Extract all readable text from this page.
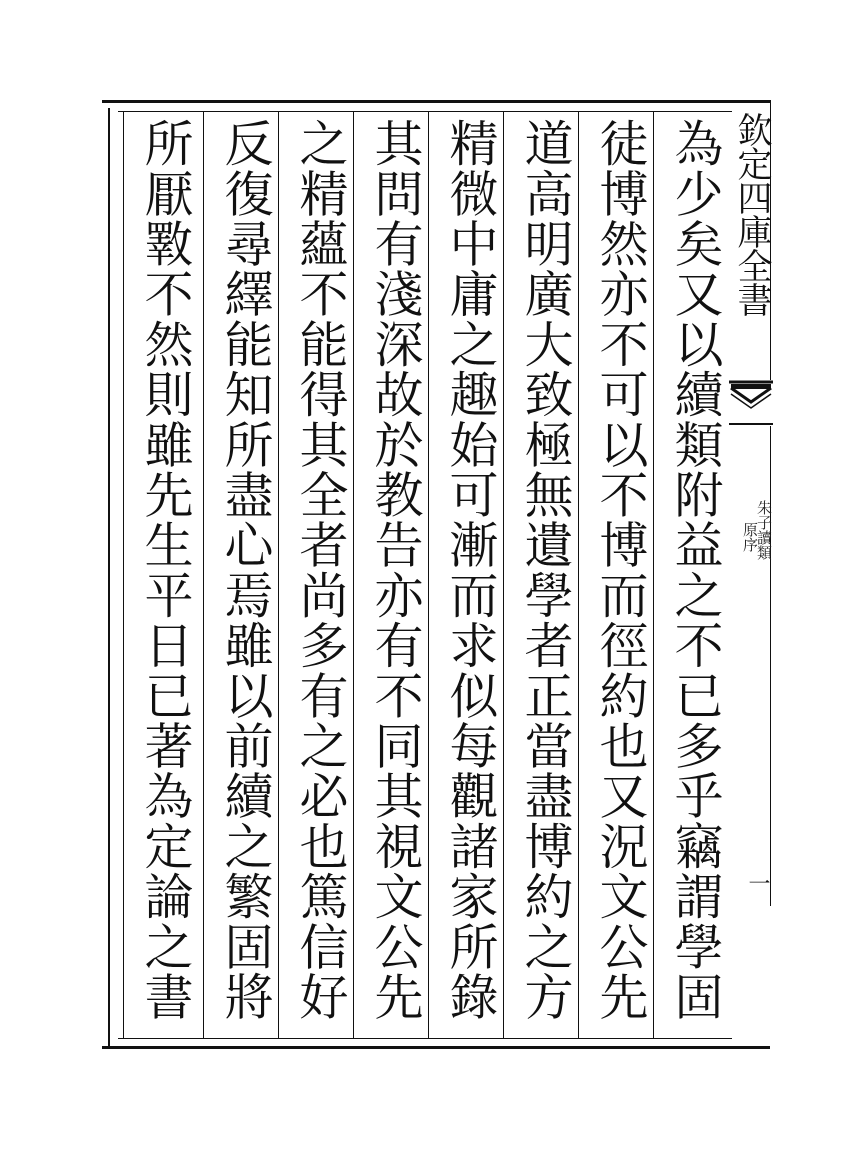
欽定四庫全書
朱子讀類
原序
一
為少矣又以續類附益之不已多乎竊謂學固
徒博然亦不可以不博而徑約也又況文公先
道高明廣大致極無遺學者正當盡博約之方
精微中庸之趣始可漸而求似每觀諸家所錄
其問有淺深故於教告亦有不同其視文公先
之精蘊不能得其全者尚多有之必也篤信好
反復尋繹能知所盡心焉雖以前續之繁固將
所厭斁不然則雖先生平日已著為定論之書
